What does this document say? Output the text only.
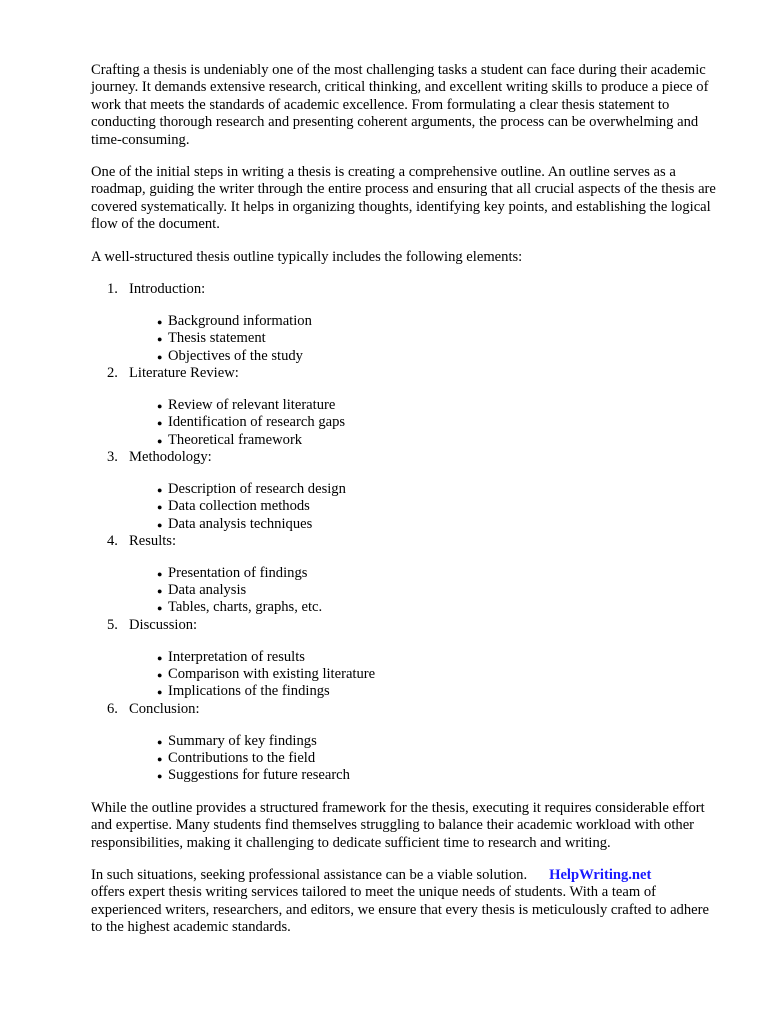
Crafting a thesis is undeniably one of the most challenging tasks a student can face during their academic journey. It demands extensive research, critical thinking, and excellent writing skills to produce a piece of work that meets the standards of academic excellence. From formulating a clear thesis statement to conducting thorough research and presenting coherent arguments, the process can be overwhelming and time-consuming.

One of the initial steps in writing a thesis is creating a comprehensive outline. An outline serves as a roadmap, guiding the writer through the entire process and ensuring that all crucial aspects of the thesis are covered systematically. It helps in organizing thoughts, identifying key points, and establishing the logical flow of the document.

A well-structured thesis outline typically includes the following elements:

1. Introduction:
● Background information
● Thesis statement
● Objectives of the study
2. Literature Review:
● Review of relevant literature
● Identification of research gaps
● Theoretical framework
3. Methodology:
● Description of research design
● Data collection methods
● Data analysis techniques
4. Results:
● Presentation of findings
● Data analysis
● Tables, charts, graphs, etc.
5. Discussion:
● Interpretation of results
● Comparison with existing literature
● Implications of the findings
6. Conclusion:
● Summary of key findings
● Contributions to the field
● Suggestions for future research

While the outline provides a structured framework for the thesis, executing it requires considerable effort and expertise. Many students find themselves struggling to balance their academic workload with other responsibilities, making it challenging to dedicate sufficient time to research and writing.

In such situations, seeking professional assistance can be a viable solution. HelpWriting.net
offers expert thesis writing services tailored to meet the unique needs of students. With a team of experienced writers, researchers, and editors, we ensure that every thesis is meticulously crafted to adhere to the highest academic standards.
